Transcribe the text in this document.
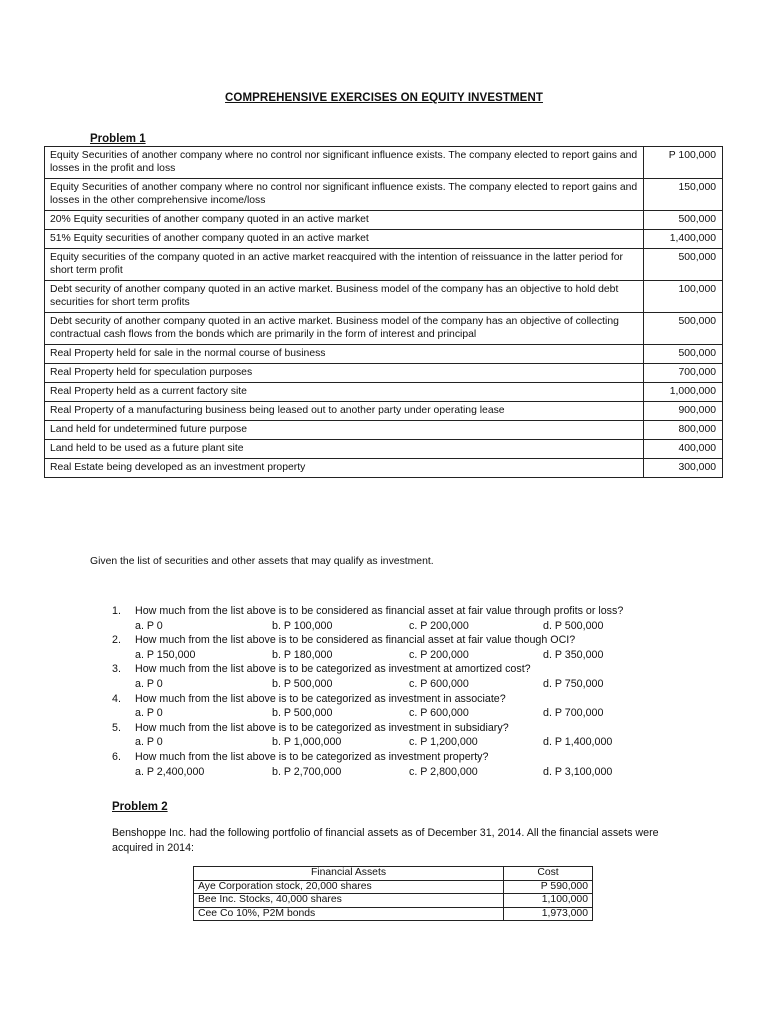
COMPREHENSIVE EXERCISES ON EQUITY INVESTMENT
Problem 1
Equity Securities of another company where no control nor significant influence exists. The company elected to report gains and losses in the profit and loss	P 100,000
Equity Securities of another company where no control nor significant influence exists. The company elected to report gains and losses in the other comprehensive income/loss	150,000
20% Equity securities of another company quoted in an active market	500,000
51% Equity securities of another company quoted in an active market	1,400,000
Equity securities of the company quoted in an active market reacquired with the intention of reissuance in the latter period for short term profit	500,000
Debt security of another company quoted in an active market. Business model of the company has an objective to hold debt securities for short term profits	100,000
Debt security of another company quoted in an active market. Business model of the company has an objective of collecting contractual cash flows from the bonds which are primarily in the form of interest and principal	500,000
Real Property held for sale in the normal course of business	500,000
Real Property held for speculation purposes	700,000
Real Property held as a current factory site	1,000,000
Real Property of a manufacturing business being leased out to another party under operating lease	900,000
Land held for undetermined future purpose	800,000
Land held to be used as a future plant site	400,000
Real Estate being developed as an investment property	300,000
Given the list of securities and other assets that may qualify as investment.
1.	How much from the list above is to be considered as financial asset at fair value through profits or loss?
a. P 0	b. P 100,000	c. P 200,000	d. P 500,000
2.	How much from the list above is to be considered as financial asset at fair value though OCI?
a. P 150,000	b. P 180,000	c. P 200,000	d. P 350,000
3.	How much from the list above is to be categorized as investment at amortized cost?
a. P 0	b. P 500,000	c. P 600,000	d. P 750,000
4.	How much from the list above is to be categorized as investment in associate?
a. P 0	b. P 500,000	c. P 600,000	d. P 700,000
5.	How much from the list above is to be categorized as investment in subsidiary?
a. P 0	b. P 1,000,000	c. P 1,200,000	d. P 1,400,000
6.	How much from the list above is to be categorized as investment property?
a. P 2,400,000	b. P 2,700,000	c. P 2,800,000	d. P 3,100,000
Problem 2
Benshoppe Inc. had the following portfolio of financial assets as of December 31, 2014. All the financial assets were acquired in 2014:
Financial Assets	Cost
Aye Corporation stock, 20,000 shares	P 590,000
Bee Inc. Stocks, 40,000 shares	1,100,000
Cee Co 10%, P2M bonds	1,973,000
